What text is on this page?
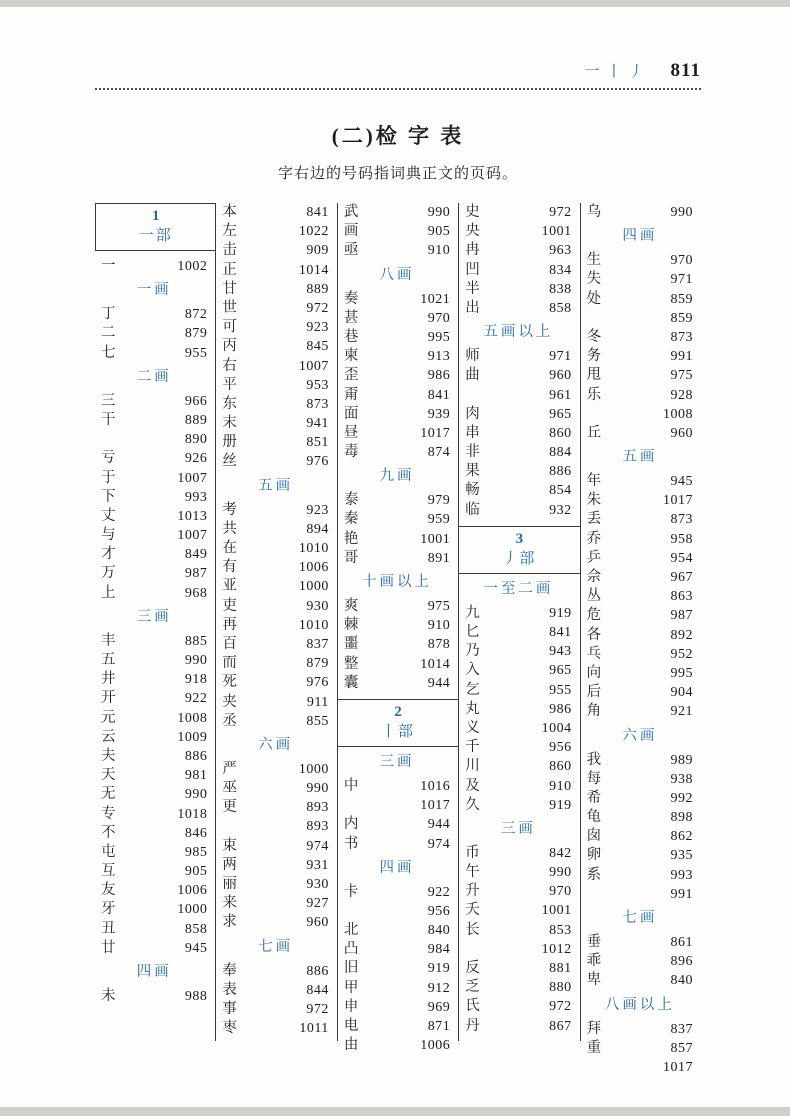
一丨丿 811
(二)检 字 表

字右边的号码指词典正文的页码。

1
一部
一	1002
一画
丁	872
二	879
七	955
二画
三	966
干	889
890
亏	926
于	1007
下	993
丈	1013
与	1007
才	849
万	987
上	968
三画
丰	885
五	990
井	918
开	922
元	1008
云	1009
夫	886
天	981
无	990
专	1018
不	846
屯	985
互	905
友	1006
牙	1000
丑	858
廿	945
四画
未	988
本	841
左	1022
击	909
正	1014
甘	889
世	972
可	923
丙	845
右	1007
平	953
东	873
末	941
册	851
丝	976
五画
考	923
共	894
在	1010
有	1006
亚	1000
吏	930
再	1010
百	837
而	879
死	976
夹	911
丞	855
六画
严	1000
巫	990
更	893
893
束	974
两	931
丽	930
来	927
求	960
七画
奉	886
表	844
事	972
枣	1011
武	990
画	905
亟	910
八画
奏	1021
甚	970
巷	995
柬	913
歪	986
甭	841
面	939
昼	1017
毒	874
九画
泰	979
秦	959
艳	1001
哥	891
十画以上
爽	975
棘	910
噩	878
整	1014
囊	944
2
丨部
三画
中	1016
1017
内	944
书	974
四画
卡	922
956
北	840
凸	984
旧	919
甲	912
申	969
电	871
由	1006
史	972
央	1001
冉	963
凹	834
半	838
出	858
五画以上
师	971
曲	960
961
肉	965
串	860
非	884
果	886
畅	854
临	932
3
丿部
一至二画
九	919
匕	841
乃	943
入	965
乞	955
丸	986
义	1004
千	956
川	860
及	910
久	919
三画
币	842
午	990
升	970
夭	1001
长	853
1012
反	881
乏	880
氏	972
丹	867
乌	990
四画
生	970
失	971
处	859
859
冬	873
务	991
甩	975
乐	928
1008
丘	960
五画
年	945
朱	1017
丢	873
乔	958
乒	954
佘	967
丛	863
危	987
各	892
乓	952
向	995
后	904
角	921
六画
我	989
每	938
希	992
龟	898
囱	862
卵	935
系	993
991
七画
垂	861
乖	896
卑	840
八画以上
拜	837
重	857
1017
